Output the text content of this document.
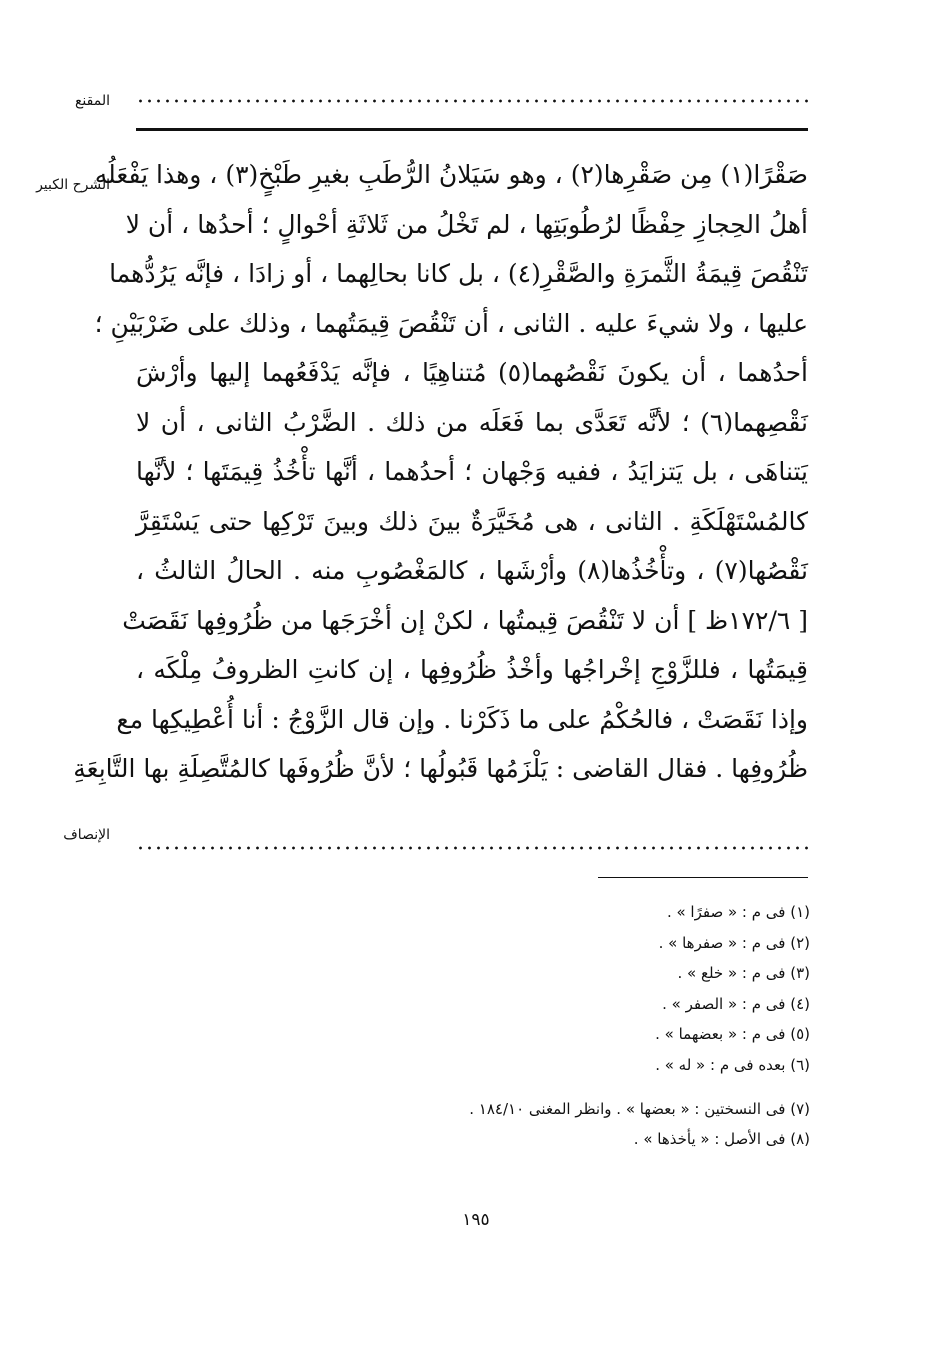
المقنع
الشرح الكبير
صَقْرًا(١) مِن صَقْرِها(٢) ، وهو سَيَلانُ الرُّطَبِ بغيرِ طَبْخٍ(٣) ، وهذا يَفْعَلُه
أهلُ الحِجازِ حِفْظًا لرُطُوبَتِها ، لم تَخْلُ من ثَلاثَةِ أحْوالٍ ؛ أحدُها ، أن لا
تَنْقُصَ قِيمَةُ الثَّمرَةِ والصَّقْرِ(٤) ، بل كانا بحالِهما ، أو زادَا ، فإنَّه يَرُدُّهما
عليها ، ولا شيءَ عليه . الثانى ، أن تَنْقُصَ قِيمَتُهما ، وذلك على ضَرْبَيْنِ ؛
أحدُهما ، أن يكونَ نَقْصُهما(٥) مُتناهِيًا ، فإنَّه يَدْفَعُهما إليها وأرْشَ
نَقْصِهما(٦) ؛ لأنَّه تَعَدَّى بما فَعَلَه من ذلك . الضَّرْبُ الثانى ، أن لا
يَتناهَى ، بل يَتزايَدُ ، ففيه وَجْهان ؛ أحدُهما ، أنَّها تأْخُذُ قِيمَتَها ؛ لأنَّها
كالمُسْتَهْلَكَةِ . الثانى ، هى مُخَيَّرَةٌ بينَ ذلك وبينَ تَرْكِها حتى يَسْتَقِرَّ
نَقْصُها(٧) ، وتأْخُذُها(٨) وأرْشَها ، كالمَغْصُوبِ منه . الحالُ الثالثُ ،
[ ١٧٢/٦ظ ] أن لا تَنْقُصَ قِيمتُها ، لكنْ إن أخْرَجَها من ظُرُوفِها نَقَصَتْ
قِيمَتُها ، فللزَّوْجِ إخْراجُها وأخْذُ ظُرُوفِها ، إن كانتِ الظروفُ مِلْكَه ،
وإذا نَقَصَتْ ، فالحُكْمُ على ما ذَكَرْنا . وإن قال الزَّوْجُ : أنا أُعْطِيكِها مع
ظُرُوفِها . فقال القاضى : يَلْزَمُها قَبُولُها ؛ لأنَّ ظُرُوفَها كالمُتَّصِلَةِ بها التَّابِعَةِ
الإنصاف
(١) فى م : « صفرًا » .
(٢) فى م : « صفرها » .
(٣) فى م : « خلع » .
(٤) فى م : « الصفر » .
(٥) فى م : « بعضهما » .
(٦) بعده فى م : « له » .
(٧) فى النسختين : « بعضها » . وانظر المغنى ١٨٤/١٠ .
(٨) فى الأصل : « يأخذها » .
١٩٥
